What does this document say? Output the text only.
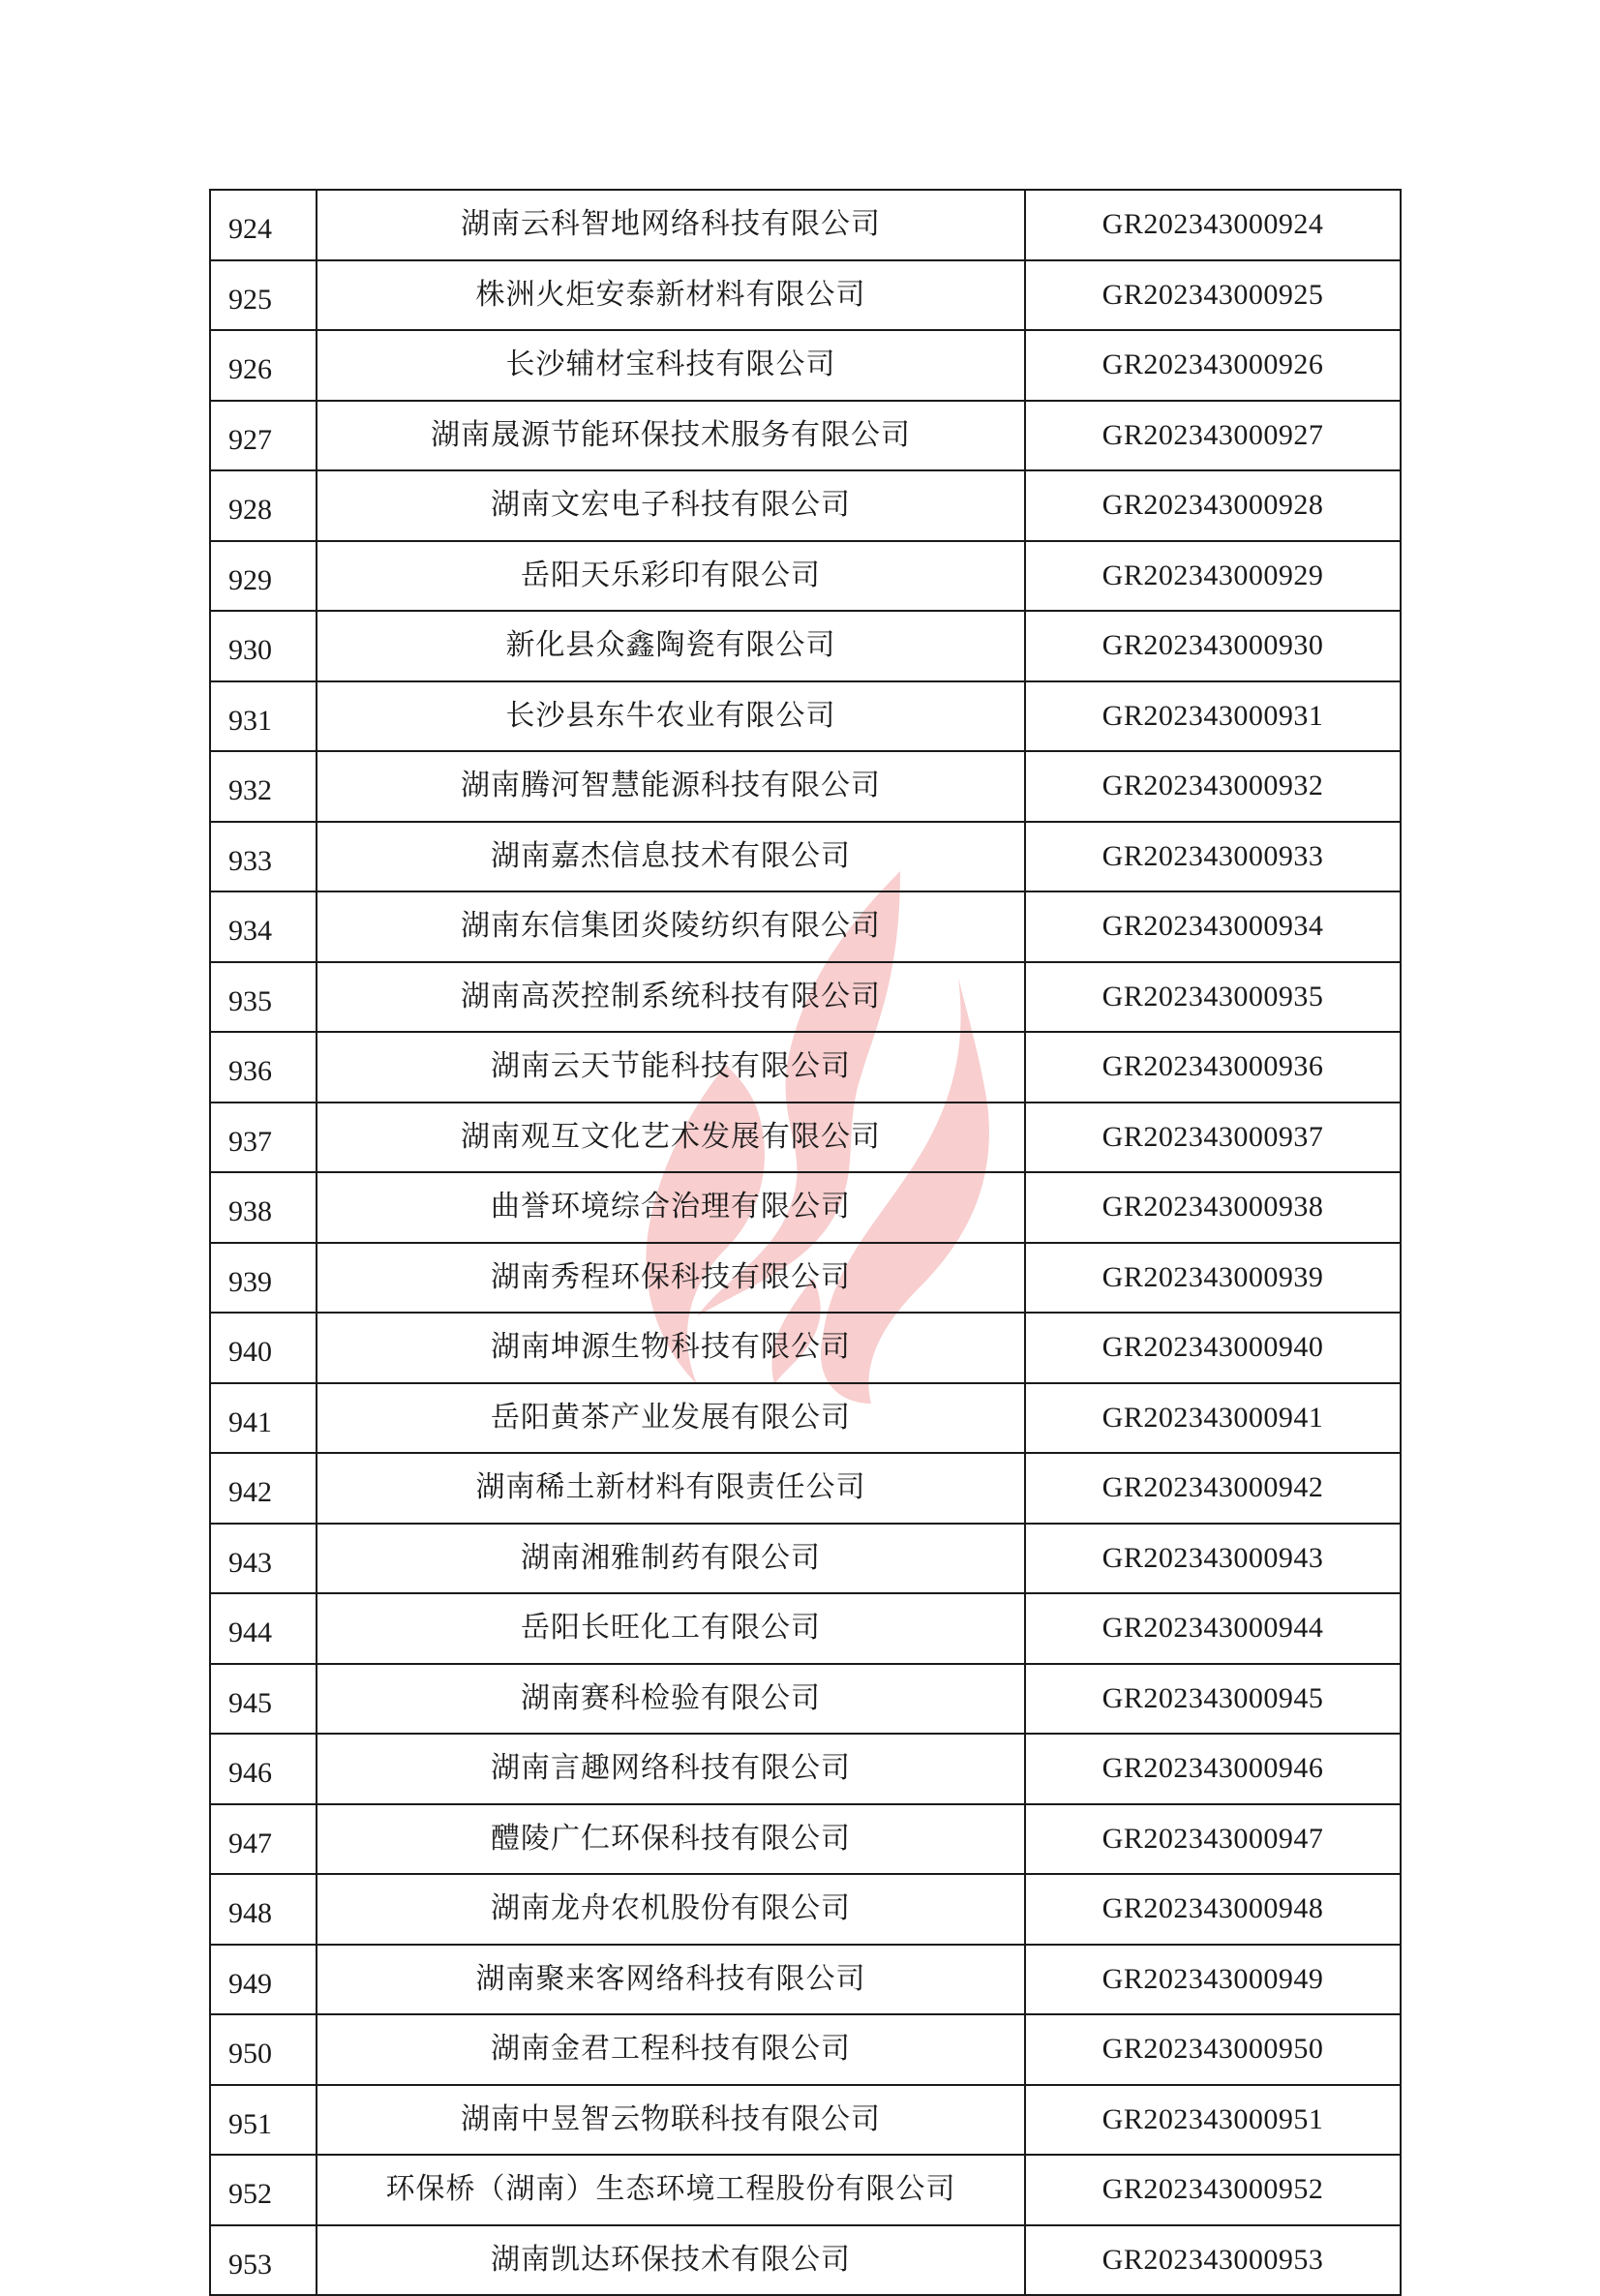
924	湖南云科智地网络科技有限公司	GR202343000924
925	株洲火炬安泰新材料有限公司	GR202343000925
926	长沙辅材宝科技有限公司	GR202343000926
927	湖南晟源节能环保技术服务有限公司	GR202343000927
928	湖南文宏电子科技有限公司	GR202343000928
929	岳阳天乐彩印有限公司	GR202343000929
930	新化县众鑫陶瓷有限公司	GR202343000930
931	长沙县东牛农业有限公司	GR202343000931
932	湖南腾河智慧能源科技有限公司	GR202343000932
933	湖南嘉杰信息技术有限公司	GR202343000933
934	湖南东信集团炎陵纺织有限公司	GR202343000934
935	湖南高茨控制系统科技有限公司	GR202343000935
936	湖南云天节能科技有限公司	GR202343000936
937	湖南观互文化艺术发展有限公司	GR202343000937
938	曲誉环境综合治理有限公司	GR202343000938
939	湖南秀程环保科技有限公司	GR202343000939
940	湖南坤源生物科技有限公司	GR202343000940
941	岳阳黄茶产业发展有限公司	GR202343000941
942	湖南稀土新材料有限责任公司	GR202343000942
943	湖南湘雅制药有限公司	GR202343000943
944	岳阳长旺化工有限公司	GR202343000944
945	湖南赛科检验有限公司	GR202343000945
946	湖南言趣网络科技有限公司	GR202343000946
947	醴陵广仁环保科技有限公司	GR202343000947
948	湖南龙舟农机股份有限公司	GR202343000948
949	湖南聚来客网络科技有限公司	GR202343000949
950	湖南金君工程科技有限公司	GR202343000950
951	湖南中昱智云物联科技有限公司	GR202343000951
952	环保桥（湖南）生态环境工程股份有限公司	GR202343000952
953	湖南凯达环保技术有限公司	GR202343000953
